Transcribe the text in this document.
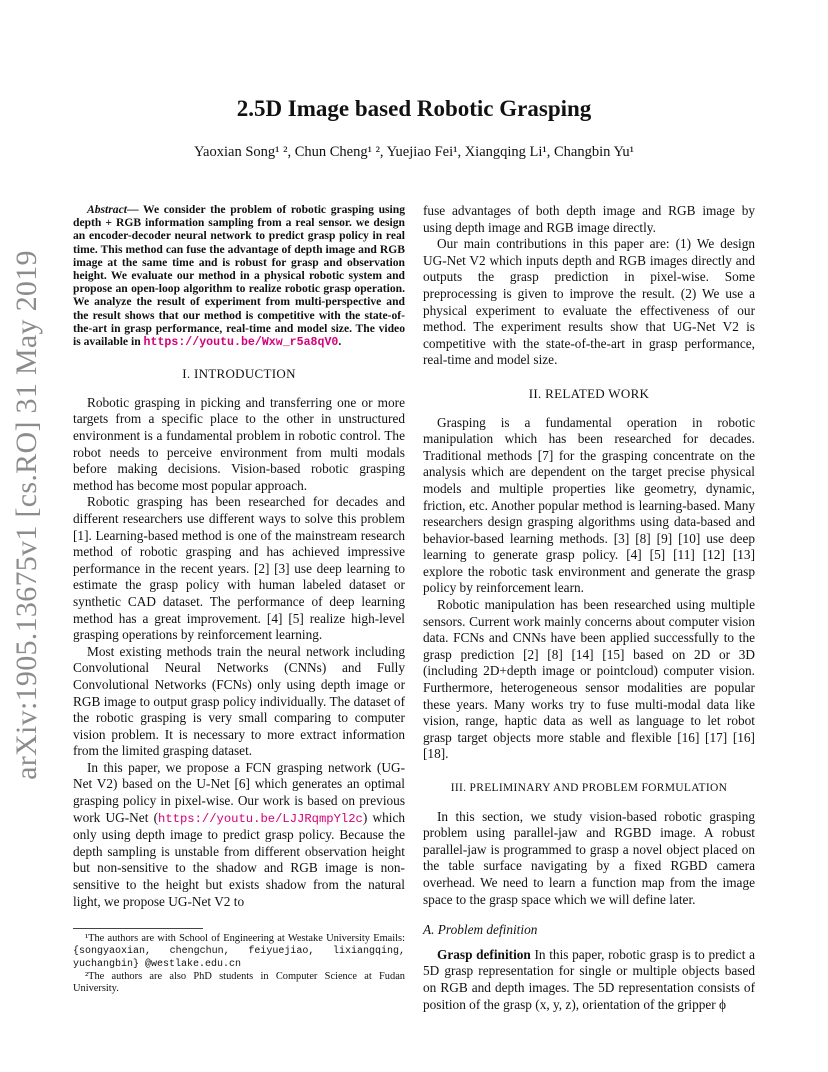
arXiv:1905.13675v1 [cs.RO] 31 May 2019
2.5D Image based Robotic Grasping
Yaoxian Song¹ ², Chun Cheng¹ ², Yuejiao Fei¹, Xiangqing Li¹, Changbin Yu¹

Abstract— We consider the problem of robotic grasping using depth + RGB information sampling from a real sensor. we design an encoder-decoder neural network to predict grasp policy in real time. This method can fuse the advantage of depth image and RGB image at the same time and is robust for grasp and observation height. We evaluate our method in a physical robotic system and propose an open-loop algorithm to realize robotic grasp operation. We analyze the result of experiment from multi-perspective and the result shows that our method is competitive with the state-of-the-art in grasp performance, real-time and model size. The video is available in https://youtu.be/Wxw_r5a8qV0.

I. INTRODUCTION

Robotic grasping in picking and transferring one or more targets from a specific place to the other in unstructured environment is a fundamental problem in robotic control. The robot needs to perceive environment from multi modals before making decisions. Vision-based robotic grasping method has become most popular approach.

Robotic grasping has been researched for decades and different researchers use different ways to solve this problem [1]. Learning-based method is one of the mainstream research method of robotic grasping and has achieved impressive performance in the recent years. [2] [3] use deep learning to estimate the grasp policy with human labeled dataset or synthetic CAD dataset. The performance of deep learning method has a great improvement. [4] [5] realize high-level grasping operations by reinforcement learning.

Most existing methods train the neural network including Convolutional Neural Networks (CNNs) and Fully Convolutional Networks (FCNs) only using depth image or RGB image to output grasp policy individually. The dataset of the robotic grasping is very small comparing to computer vision problem. It is necessary to more extract information from the limited grasping dataset.

In this paper, we propose a FCN grasping network (UG-Net V2) based on the U-Net [6] which generates an optimal grasping policy in pixel-wise. Our work is based on previous work UG-Net (https://youtu.be/LJJRqmpYl2c) which only using depth image to predict grasp policy. Because the depth sampling is unstable from different observation height but non-sensitive to the shadow and RGB image is non-sensitive to the height but exists shadow from the natural light, we propose UG-Net V2 to

¹The authors are with School of Engineering at Westake University Emails: {songyaoxian, chengchun, feiyuejiao, lixiangqing, yuchangbin} @westlake.edu.cn

²The authors are also PhD students in Computer Science at Fudan University.

fuse advantages of both depth image and RGB image by using depth image and RGB image directly.

Our main contributions in this paper are: (1) We design UG-Net V2 which inputs depth and RGB images directly and outputs the grasp prediction in pixel-wise. Some preprocessing is given to improve the result. (2) We use a physical experiment to evaluate the effectiveness of our method. The experiment results show that UG-Net V2 is competitive with the state-of-the-art in grasp performance, real-time and model size.

II. RELATED WORK

Grasping is a fundamental operation in robotic manipulation which has been researched for decades. Traditional methods [7] for the grasping concentrate on the analysis which are dependent on the target precise physical models and multiple properties like geometry, dynamic, friction, etc. Another popular method is learning-based. Many researchers design grasping algorithms using data-based and behavior-based learning methods. [3] [8] [9] [10] use deep learning to generate grasp policy. [4] [5] [11] [12] [13] explore the robotic task environment and generate the grasp policy by reinforcement learn.

Robotic manipulation has been researched using multiple sensors. Current work mainly concerns about computer vision data. FCNs and CNNs have been applied successfully to the grasp prediction [2] [8] [14] [15] based on 2D or 3D (including 2D+depth image or pointcloud) computer vision. Furthermore, heterogeneous sensor modalities are popular these years. Many works try to fuse multi-modal data like vision, range, haptic data as well as language to let robot grasp target objects more stable and flexible [16] [17] [16] [18].

III. PRELIMINARY AND PROBLEM FORMULATION

In this section, we study vision-based robotic grasping problem using parallel-jaw and RGBD image. A robust parallel-jaw is programmed to grasp a novel object placed on the table surface navigating by a fixed RGBD camera overhead. We need to learn a function map from the image space to the grasp space which we will define later.

A. Problem definition

Grasp definition In this paper, robotic grasp is to predict a 5D grasp representation for single or multiple objects based on RGB and depth images. The 5D representation consists of position of the grasp (x, y, z), orientation of the gripper ϕ
